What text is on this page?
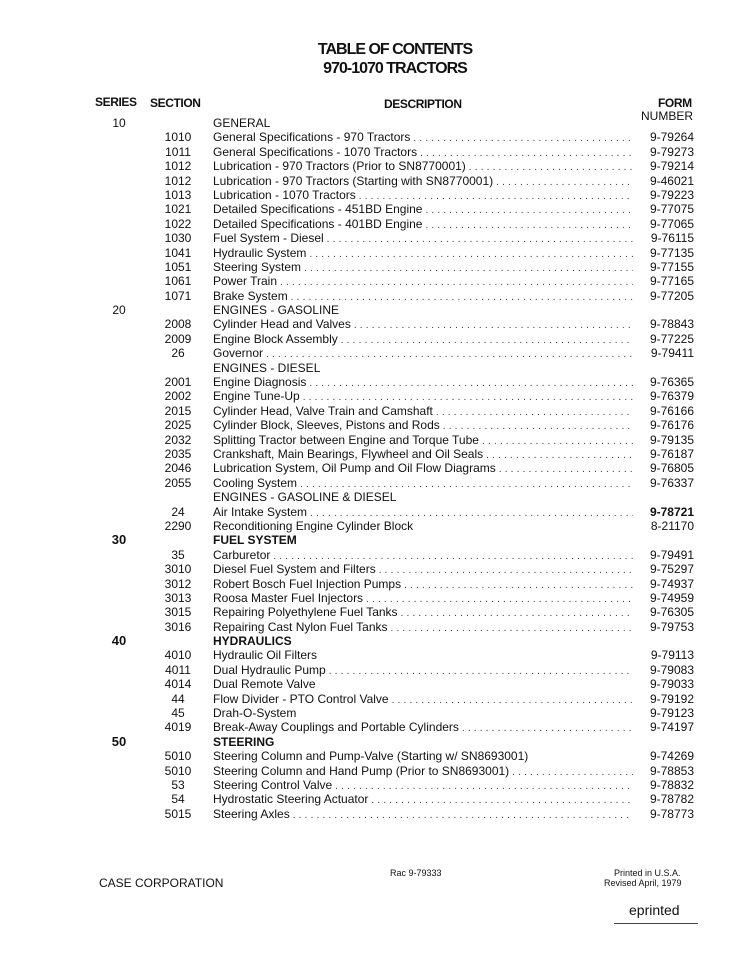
TABLE OF CONTENTS
970-1070 TRACTORS
SERIES SECTION	DESCRIPTION	FORM
NUMBER
10	GENERAL
1010	General Specifications - 970 Tractors . . .	9-79264
1011	General Specifications - 1070 Tractors . . .	9-79273
1012	Lubrication - 970 Tractors (Prior to SN8770001) . . .	9-79214
1012	Lubrication - 970 Tractors (Starting with SN8770001) . . .	9-46021
1013	Lubrication - 1070 Tractors . . .	9-79223
1021	Detailed Specifications - 451BD Engine . . .	9-77075
1022	Detailed Specifications - 401BD Engine . . .	9-77065
1030	Fuel System - Diesel . . .	9-76115
1041	Hydraulic System . . .	9-77135
1051	Steering System . . .	9-77155
1061	Power Train . . .	9-77165
1071	Brake System . . .	9-77205
20	ENGINES - GASOLINE
2008	Cylinder Head and Valves . . .	9-78843
2009	Engine Block Assembly . . .	9-77225
26	Governor . . .	9-79411
ENGINES - DIESEL
2001	Engine Diagnosis . . .	9-76365
2002	Engine Tune-Up . . .	9-76379
2015	Cylinder Head, Valve Train and Camshaft . . .	9-76166
2025	Cylinder Block, Sleeves, Pistons and Rods . . .	9-76176
2032	Splitting Tractor between Engine and Torque Tube . . .	9-79135
2035	Crankshaft, Main Bearings, Flywheel and Oil Seals . . .	9-76187
2046	Lubrication System, Oil Pump and Oil Flow Diagrams . . .	9-76805
2055	Cooling System . . .	9-76337
ENGINES - GASOLINE & DIESEL
24	Air Intake System . . .	9-78721
2290	Reconditioning Engine Cylinder Block	8-21170
30	FUEL SYSTEM
35	Carburetor . . .	9-79491
3010	Diesel Fuel System and Filters . . .	9-75297
3012	Robert Bosch Fuel Injection Pumps . . .	9-74937
3013	Roosa Master Fuel Injectors . . .	9-74959
3015	Repairing Polyethylene Fuel Tanks . . .	9-76305
3016	Repairing Cast Nylon Fuel Tanks . . .	9-79753
40	HYDRAULICS
4010	Hydraulic Oil Filters	9-79113
4011	Dual Hydraulic Pump . . .	9-79083
4014	Dual Remote Valve	9-79033
44	Flow Divider - PTO Control Valve . . .	9-79192
45	Drah-O-System	9-79123
4019	Break-Away Couplings and Portable Cylinders . . .	9-74197
50	STEERING
5010	Steering Column and Pump-Valve (Starting w/ SN8693001)	9-74269
5010	Steering Column and Hand Pump (Prior to SN8693001) . . .	9-78853
53	Steering Control Valve . . .	9-78832
54	Hydrostatic Steering Actuator . . .	9-78782
5015	Steering Axles . . .	9-78773
CASE CORPORATION
Rac 9-79333	Printed in U.S.A.
Revised April, 1979
eprinted
